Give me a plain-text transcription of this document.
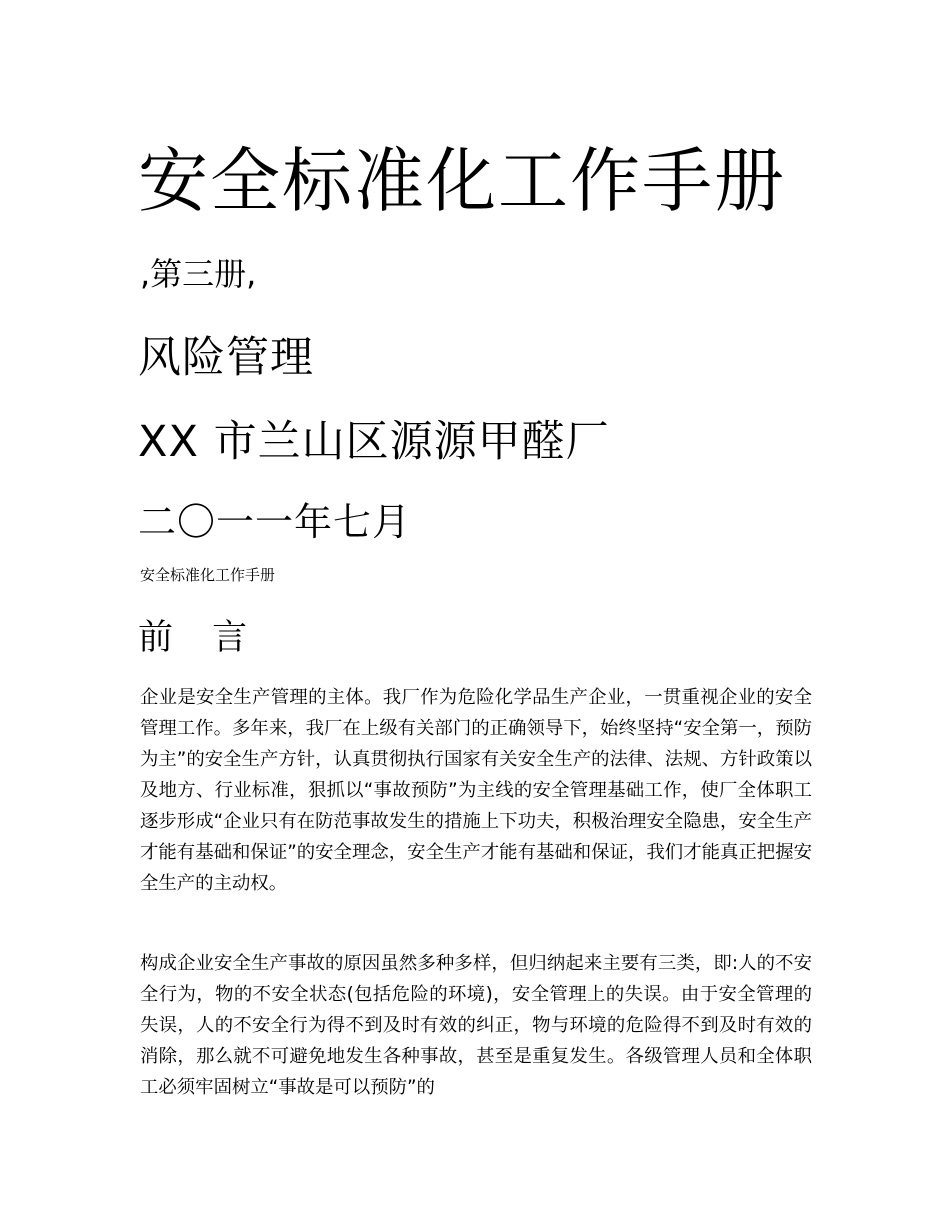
安全标准化工作手册
,第三册,
风险管理
XX 市兰山区源源甲醛厂
二〇一一年七月
安全标准化工作手册
前 言

企业是安全生产管理的主体。我厂作为危险化学品生产企业，一贯重视企业的安全管理工作。多年来，我厂在上级有关部门的正确领导下，始终坚持“安全第一，预防为主”的安全生产方针，认真贯彻执行国家有关安全生产的法律、法规、方针政策以及地方、行业标准，狠抓以“事故预防”为主线的安全管理基础工作，使厂全体职工逐步形成“企业只有在防范事故发生的措施上下功夫，积极治理安全隐患，安全生产才能有基础和保证”的安全理念，安全生产才能有基础和保证，我们才能真正把握安全生产的主动权。

构成企业安全生产事故的原因虽然多种多样，但归纳起来主要有三类，即:人的不安全行为，物的不安全状态(包括危险的环境)，安全管理上的失误。由于安全管理的失误，人的不安全行为得不到及时有效的纠正，物与环境的危险得不到及时有效的消除，那么就不可避免地发生各种事故，甚至是重复发生。各级管理人员和全体职工必须牢固树立“事故是可以预防”的
